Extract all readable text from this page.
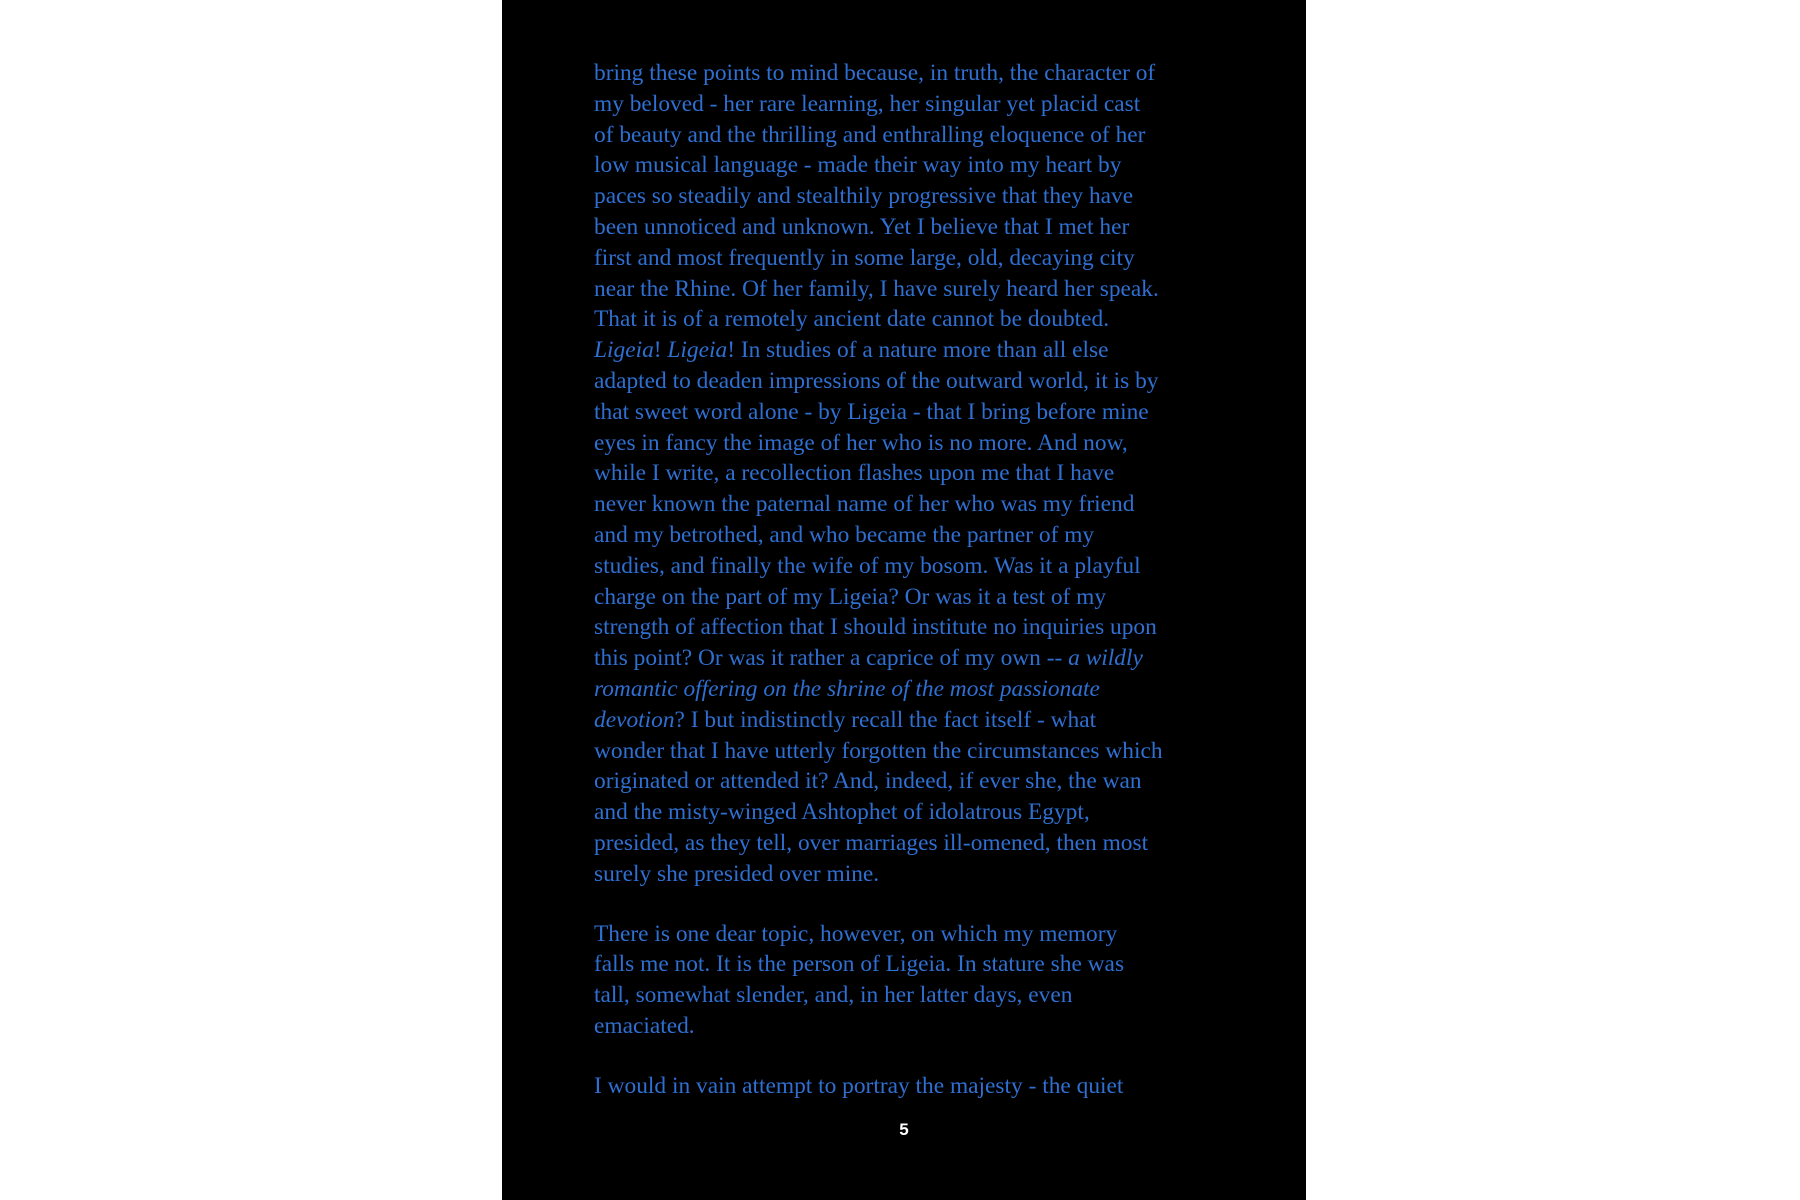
bring these points to mind because, in truth, the character of
my beloved - her rare learning, her singular yet placid cast
of beauty and the thrilling and enthralling eloquence of her
low musical language - made their way into my heart by
paces so steadily and stealthily progressive that they have
been unnoticed and unknown. Yet I believe that I met her
first and most frequently in some large, old, decaying city
near the Rhine. Of her family, I have surely heard her speak.
That it is of a remotely ancient date cannot be doubted.
Ligeia! Ligeia! In studies of a nature more than all else
adapted to deaden impressions of the outward world, it is by
that sweet word alone - by Ligeia - that I bring before mine
eyes in fancy the image of her who is no more. And now,
while I write, a recollection flashes upon me that I have
never known the paternal name of her who was my friend
and my betrothed, and who became the partner of my
studies, and finally the wife of my bosom. Was it a playful
charge on the part of my Ligeia? Or was it a test of my
strength of affection that I should institute no inquiries upon
this point? Or was it rather a caprice of my own -- a wildly
romantic offering on the shrine of the most passionate
devotion? I but indistinctly recall the fact itself - what
wonder that I have utterly forgotten the circumstances which
originated or attended it? And, indeed, if ever she, the wan
and the misty-winged Ashtophet of idolatrous Egypt,
presided, as they tell, over marriages ill-omened, then most
surely she presided over mine.
There is one dear topic, however, on which my memory
falls me not. It is the person of Ligeia. In stature she was
tall, somewhat slender, and, in her latter days, even
emaciated.
I would in vain attempt to portray the majesty - the quiet
5
